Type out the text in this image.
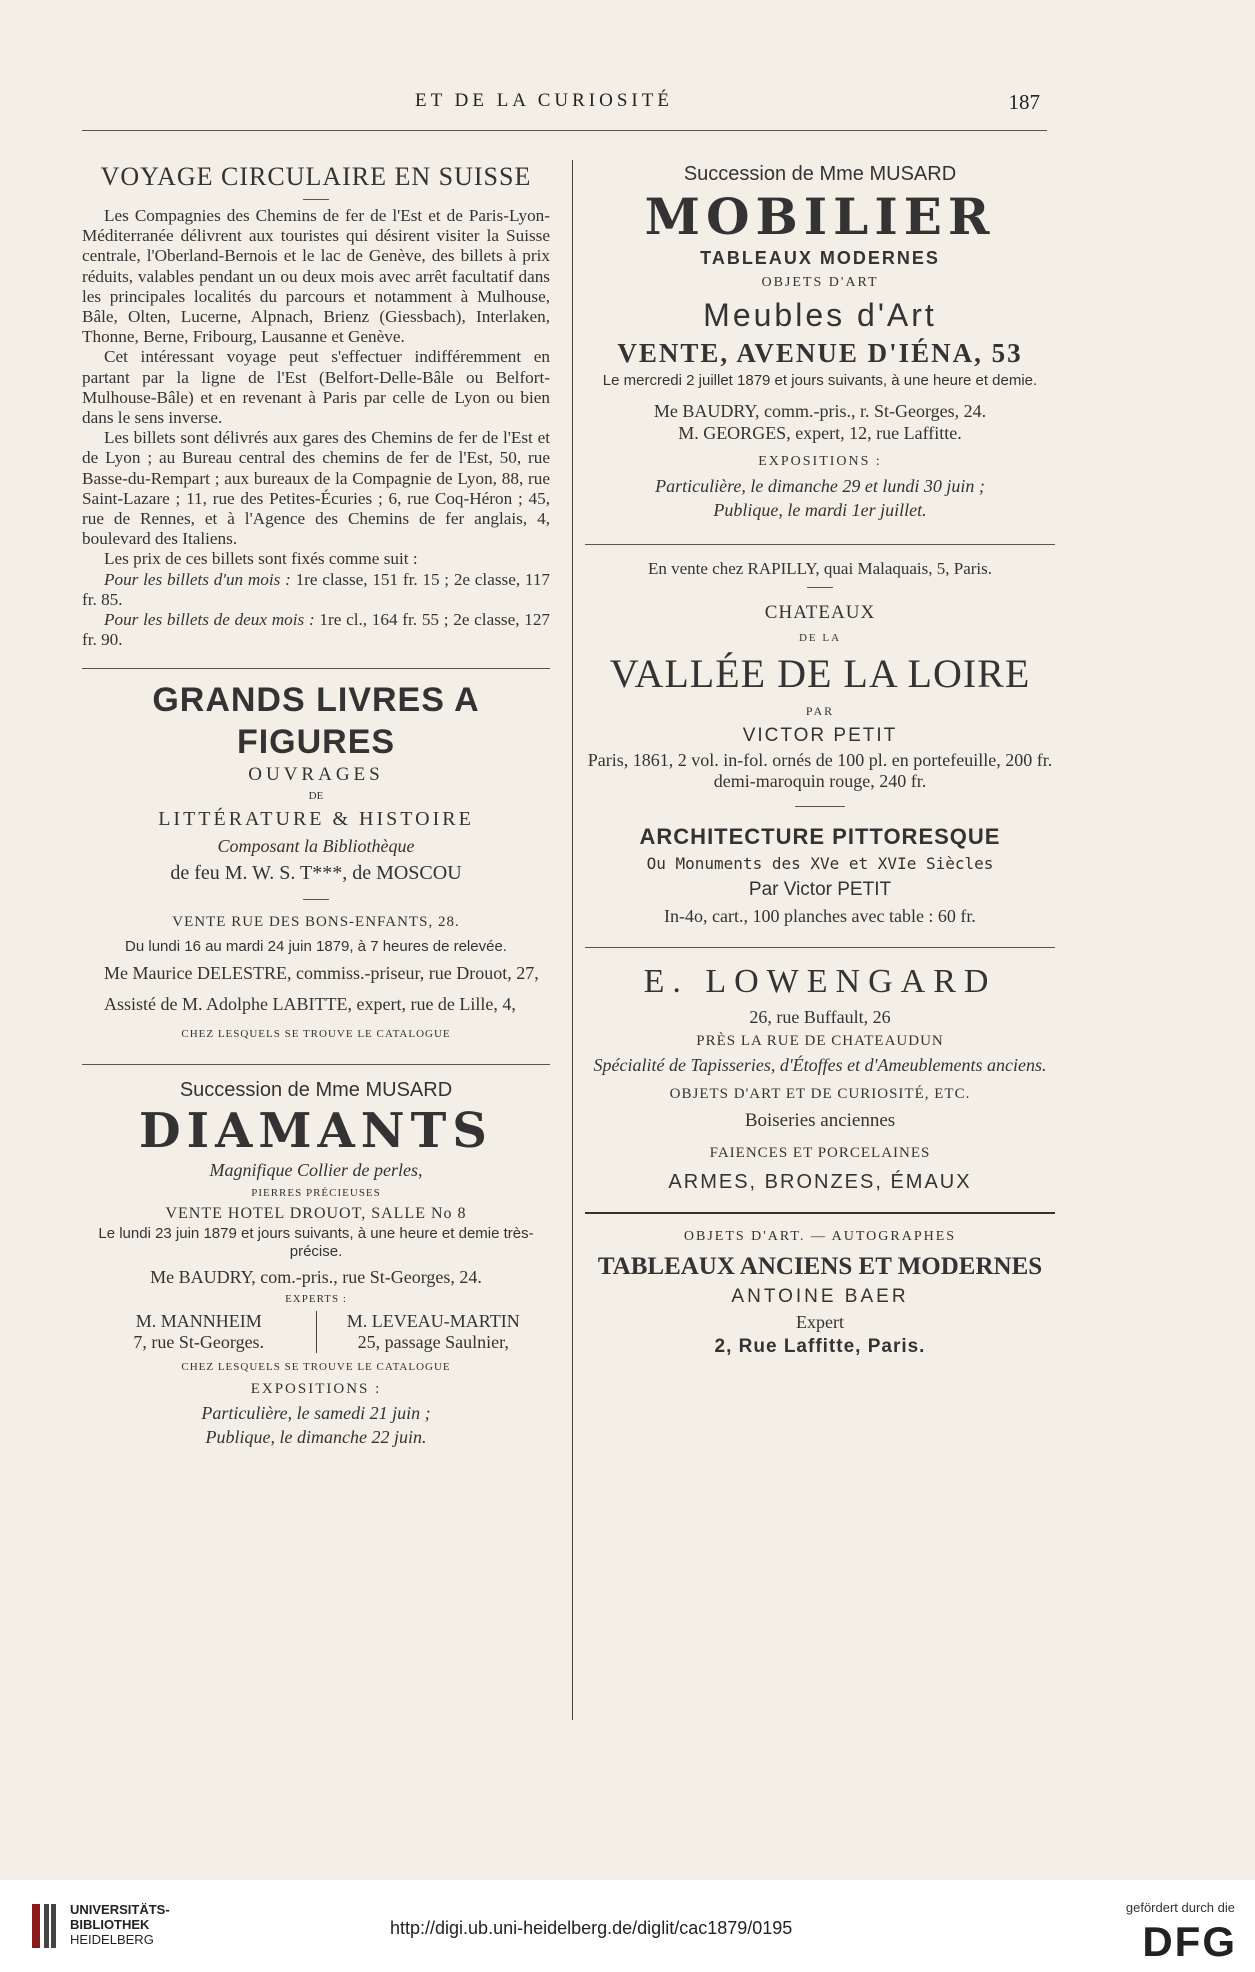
ET DE LA CURIOSITÉ	187

VOYAGE CIRCULAIRE EN SUISSE

Les Compagnies des Chemins de fer de l'Est et de Paris-Lyon-Méditerranée délivrent aux touristes qui désirent visiter la Suisse centrale, l'Oberland-Bernois et le lac de Genève, des billets à prix réduits, valables pendant un ou deux mois avec arrêt facultatif dans les principales localités du parcours et notamment à Mulhouse, Bâle, Olten, Lucerne, Alpnach, Brienz (Giessbach), Interlaken, Thonne, Berne, Fribourg, Lausanne et Genève.

Cet intéressant voyage peut s'effectuer indifféremment en partant par la ligne de l'Est (Belfort-Delle-Bâle ou Belfort-Mulhouse-Bâle) et en revenant à Paris par celle de Lyon ou bien dans le sens inverse.

Les billets sont délivrés aux gares des Chemins de fer de l'Est et de Lyon ; au Bureau central des chemins de fer de l'Est, 50, rue Basse-du-Rempart ; aux bureaux de la Compagnie de Lyon, 88, rue Saint-Lazare ; 11, rue des Petites-Écuries ; 6, rue Coq-Héron ; 45, rue de Rennes, et à l'Agence des Chemins de fer anglais, 4, boulevard des Italiens.

Les prix de ces billets sont fixés comme suit :

Pour les billets d'un mois : 1re classe, 151 fr. 15 ; 2e classe, 117 fr. 85.

Pour les billets de deux mois : 1re cl., 164 fr. 55 ; 2e classe, 127 fr. 90.

GRANDS LIVRES A FIGURES

OUVRAGES

DE

LITTÉRATURE & HISTOIRE

Composant la Bibliothèque

de feu M. W. S. T***, de MOSCOU

VENTE RUE DES BONS-ENFANTS, 28.

Du lundi 16 au mardi 24 juin 1879, à 7 heures de relevée.

Me Maurice DELESTRE, commiss.-priseur, rue Drouot, 27,

Assisté de M. Adolphe LABITTE, expert, rue de Lille, 4,

CHEZ LESQUELS SE TROUVE LE CATALOGUE

Succession de Mme MUSARD

DIAMANTS

Magnifique Collier de perles,

PIERRES PRÉCIEUSES

VENTE HOTEL DROUOT, SALLE No 8

Le lundi 23 juin 1879 et jours suivants, à une heure et demie très-précise.

Me BAUDRY, com.-pris., rue St-Georges, 24.

EXPERTS :

M. MANNHEIM

7, rue St-Georges.

M. LEVEAU-MARTIN

25, passage Saulnier,

CHEZ LESQUELS SE TROUVE LE CATALOGUE

EXPOSITIONS :

Particulière, le samedi 21 juin ;

Publique, le dimanche 22 juin.

Succession de Mme MUSARD

MOBILIER

TABLEAUX MODERNES

OBJETS D'ART

Meubles d'Art

VENTE, AVENUE D'IÉNA, 53

Le mercredi 2 juillet 1879 et jours suivants, à une heure et demie.

Me BAUDRY, comm.-pris., r. St-Georges, 24.

M. GEORGES, expert, 12, rue Laffitte.

EXPOSITIONS :

Particulière, le dimanche 29 et lundi 30 juin ;

Publique, le mardi 1er juillet.

En vente chez RAPILLY, quai Malaquais, 5, Paris.

CHATEAUX

DE LA

VALLÉE DE LA LOIRE

PAR

VICTOR PETIT

Paris, 1861, 2 vol. in-fol. ornés de 100 pl. en portefeuille, 200 fr.

demi-maroquin rouge, 240 fr.

ARCHITECTURE PITTORESQUE

Ou Monuments des XVe et XVIe Siècles

Par Victor PETIT

In-4o, cart., 100 planches avec table : 60 fr.

E. LOWENGARD

26, rue Buffault, 26

PRÈS LA RUE DE CHATEAUDUN

Spécialité de Tapisseries, d'Étoffes et d'Ameublements anciens.

OBJETS D'ART ET DE CURIOSITÉ, ETC.

Boiseries anciennes

FAIENCES ET PORCELAINES

ARMES, BRONZES, ÉMAUX

OBJETS D'ART. — AUTOGRAPHES

TABLEAUX ANCIENS ET MODERNES

ANTOINE BAER

Expert

2, Rue Laffitte, Paris.

UNIVERSITÄTS-
BIBLIOTHEK
HEIDELBERG
http://digi.ub.uni-heidelberg.de/diglit/cac1879/0195
gefördert durch die
DFG
